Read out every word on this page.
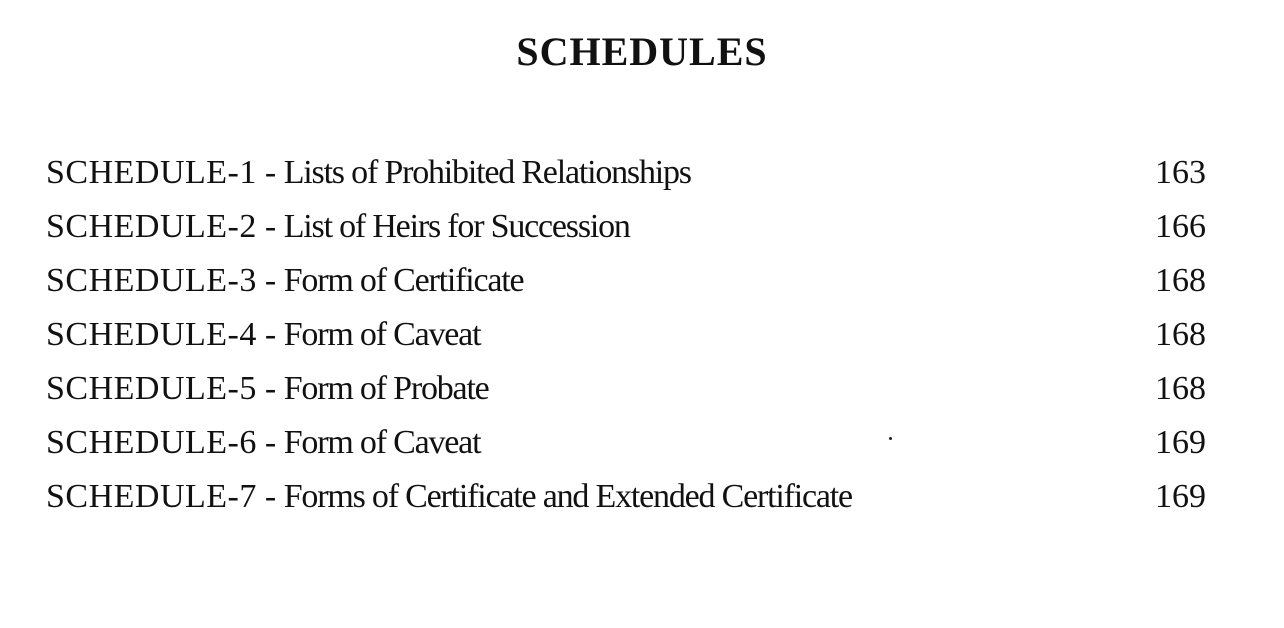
SCHEDULES
SCHEDULE-1 - Lists of Prohibited Relationships	163
SCHEDULE-2 - List of Heirs for Succession	166
SCHEDULE-3 - Form of Certificate	168
SCHEDULE-4 - Form of Caveat	168
SCHEDULE-5 - Form of Probate	168
SCHEDULE-6 - Form of Caveat	169
SCHEDULE-7 - Forms of Certificate and Extended Certificate	169
